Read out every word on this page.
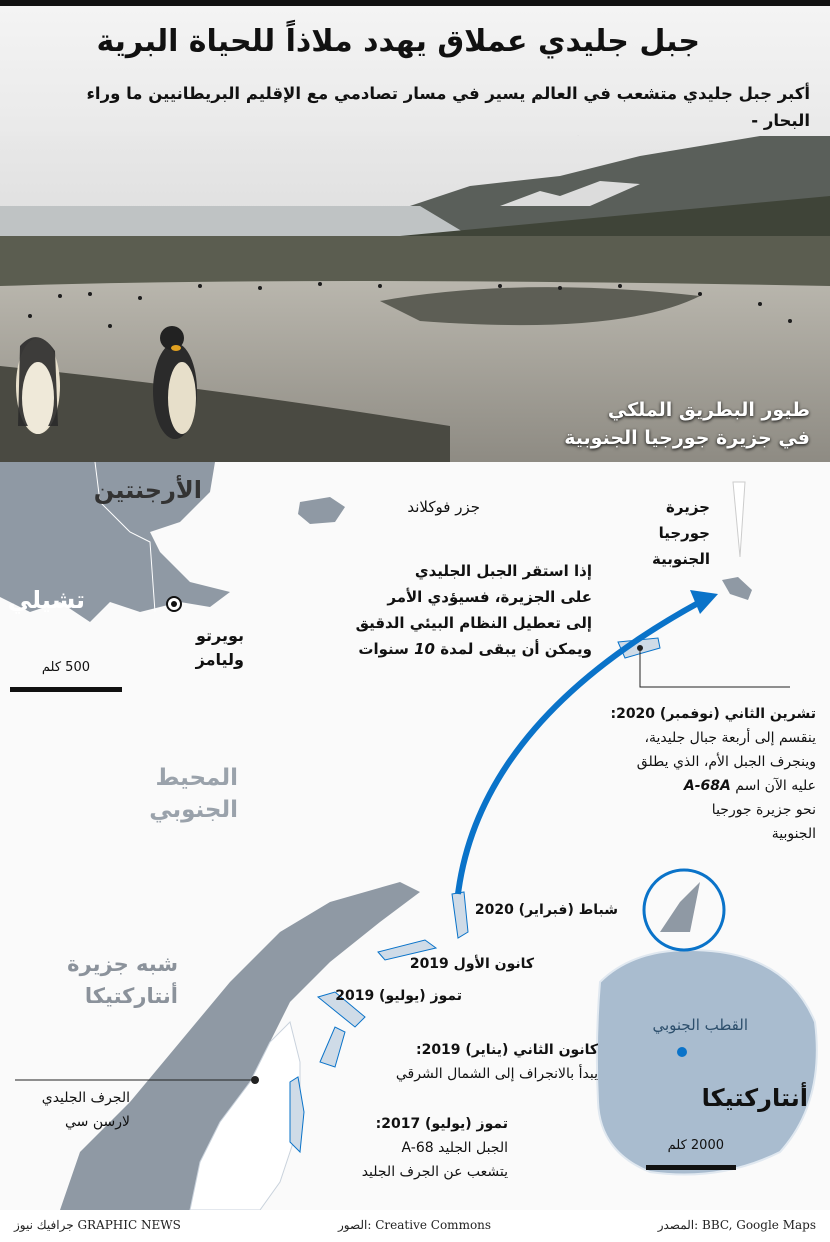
جبل جليدي عملاق يهدد ملاذاً للحياة البرية
أكبر جبل جليدي متشعب في العالم يسير في مسار تصادمي مع الإقليم البريطانيين ما وراء البحار -
طيور البطريق الملكي
في جزيرة جورجيا الجنوبية
الأرجنتين
تشيلي
جزر فوكلاند
بويرتو
وليامز
500 كلم
جزيرة
جورجيا
الجنوبية
إذا استقر الجبل الجليدي
على الجزيرة، فسيؤدي الأمر
إلى تعطيل النظام البيئي الدقيق
ويمكن أن يبقى لمدة 10 سنوات
تشرين الثاني (نوفمبر) 2020:
ينقسم إلى أربعة جبال جليدية،
وينجرف الجبل الأم، الذي يطلق
عليه الآن اسم A-68A
نحو جزيرة جورجيا
الجنوبية
المحيط
الجنوبي
شبه جزيرة
أنتاركتيكا
شباط (فبراير) 2020
كانون الأول 2019
تموز (يوليو) 2019
كانون الثاني (يناير) 2019:
يبدأ بالانجراف إلى الشمال الشرقي
تموز (يوليو) 2017:
الجبل الجليد A-68
يتشعب عن الجرف الجليد
الجرف الجليدي
لارسن سي
القطب الجنوبي
أنتاركتيكا
2000 كلم
المصدر: BBC, Google Maps
الصور: Creative Commons
جرافيك نيوز GRAPHIC NEWS
